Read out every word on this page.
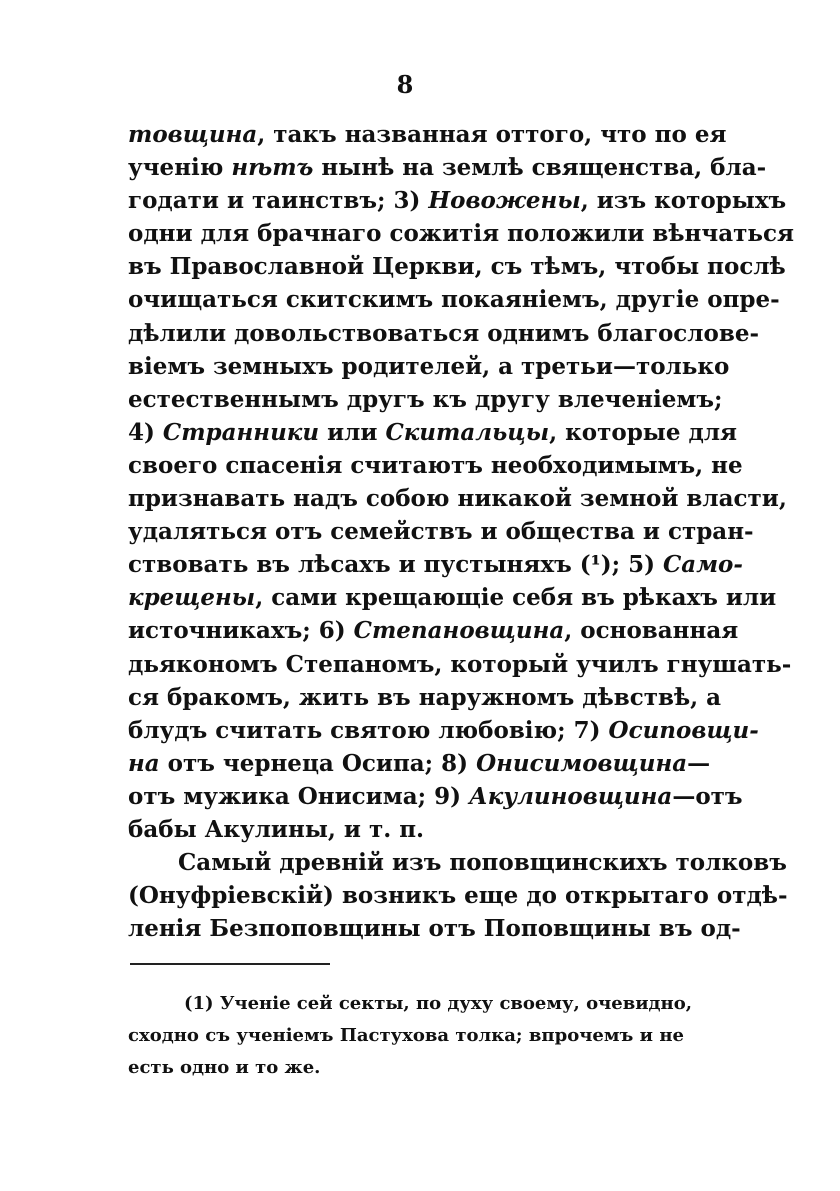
8
товщина, такъ названная оттого, что по ея
ученію нѣтъ нынѣ на землѣ священства, бла-
годати и таинствъ; 3) Новожены, изъ которыхъ
одни для брачнаго сожитія положили вѣнчаться
въ Православной Церкви, съ тѣмъ, чтобы послѣ
очищаться скитскимъ покаяніемъ, другіе опре-
дѣлили довольствоваться однимъ благослове-
віемъ земныхъ родителей, а третьи—только
естественнымъ другъ къ другу влеченіемъ;
4) Странники или Скитальцы, которые для
своего спасенія считаютъ необходимымъ, не
признавать надъ собою никакой земной власти,
удаляться отъ семействъ и общества и стран-
ствовать въ лѣсахъ и пустыняхъ (¹); 5) Само-
крещены, сами крещающіе себя въ рѣкахъ или
источникахъ; 6) Степановщина, основанная
дьякономъ Степаномъ, который училъ гнушать-
ся бракомъ, жить въ наружномъ дѣвствѣ, а
блудъ считать святою любовію; 7) Осиповщи-
на отъ чернеца Осипа; 8) Онисимовщина—
отъ мужика Онисима; 9) Акулиновщина—отъ
бабы Акулины, и т. п.
Самый древній изъ поповщинскихъ толковъ
(Онуфріевскій) возникъ еще до открытаго отдѣ-
ленія Безпоповщины отъ Поповщины въ од-
(1) Ученіе сей секты, по духу своему, очевидно,
сходно съ ученіемъ Пастухова толка; впрочемъ и не
есть одно и то же.
